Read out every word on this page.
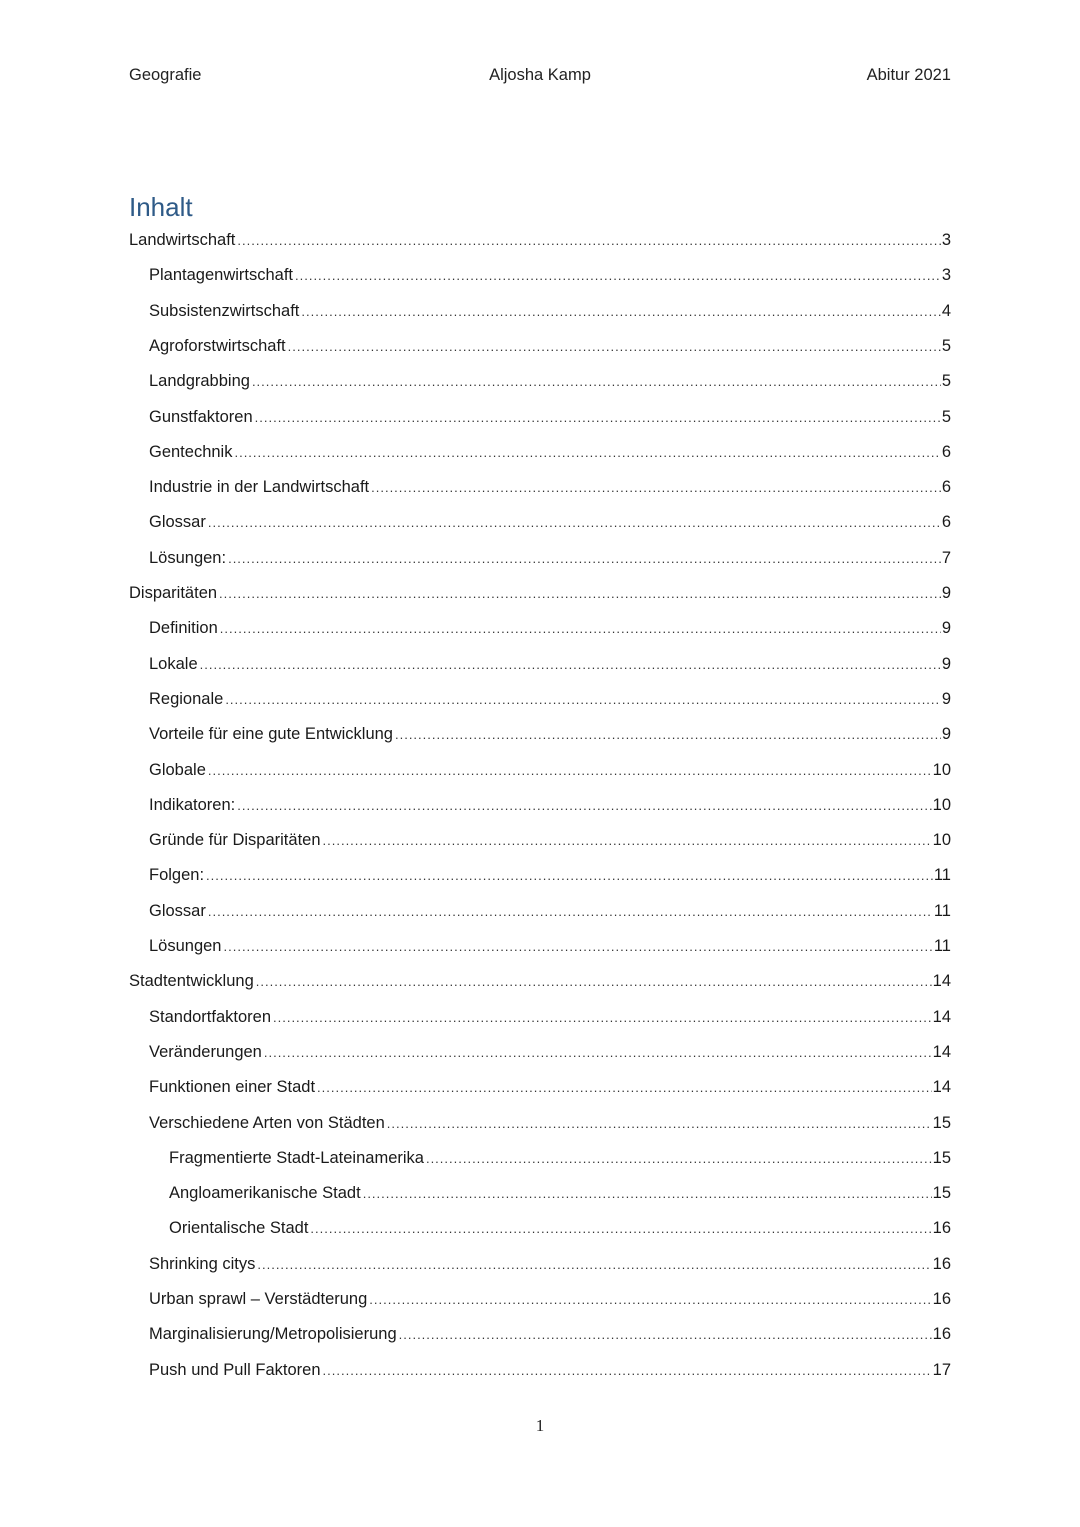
Geografie	Aljosha Kamp	Abitur 2021
Inhalt
Landwirtschaft .....	3
Plantagenwirtschaft .....	3
Subsistenzwirtschaft .....	4
Agroforstwirtschaft .....	5
Landgrabbing .....	5
Gunstfaktoren .....	5
Gentechnik .....	6
Industrie in der Landwirtschaft .....	6
Glossar .....	6
Lösungen: .....	7
Disparitäten .....	9
Definition .....	9
Lokale .....	9
Regionale .....	9
Vorteile für eine gute Entwicklung .....	9
Globale .....	10
Indikatoren: .....	10
Gründe für Disparitäten .....	10
Folgen: .....	11
Glossar .....	11
Lösungen .....	11
Stadtentwicklung .....	14
Standortfaktoren .....	14
Veränderungen .....	14
Funktionen einer Stadt .....	14
Verschiedene Arten von Städten .....	15
Fragmentierte Stadt-Lateinamerika .....	15
Angloamerikanische Stadt .....	15
Orientalische Stadt .....	16
Shrinking citys .....	16
Urban sprawl – Verstädterung .....	16
Marginalisierung/Metropolisierung .....	16
Push und Pull Faktoren .....	17
1
